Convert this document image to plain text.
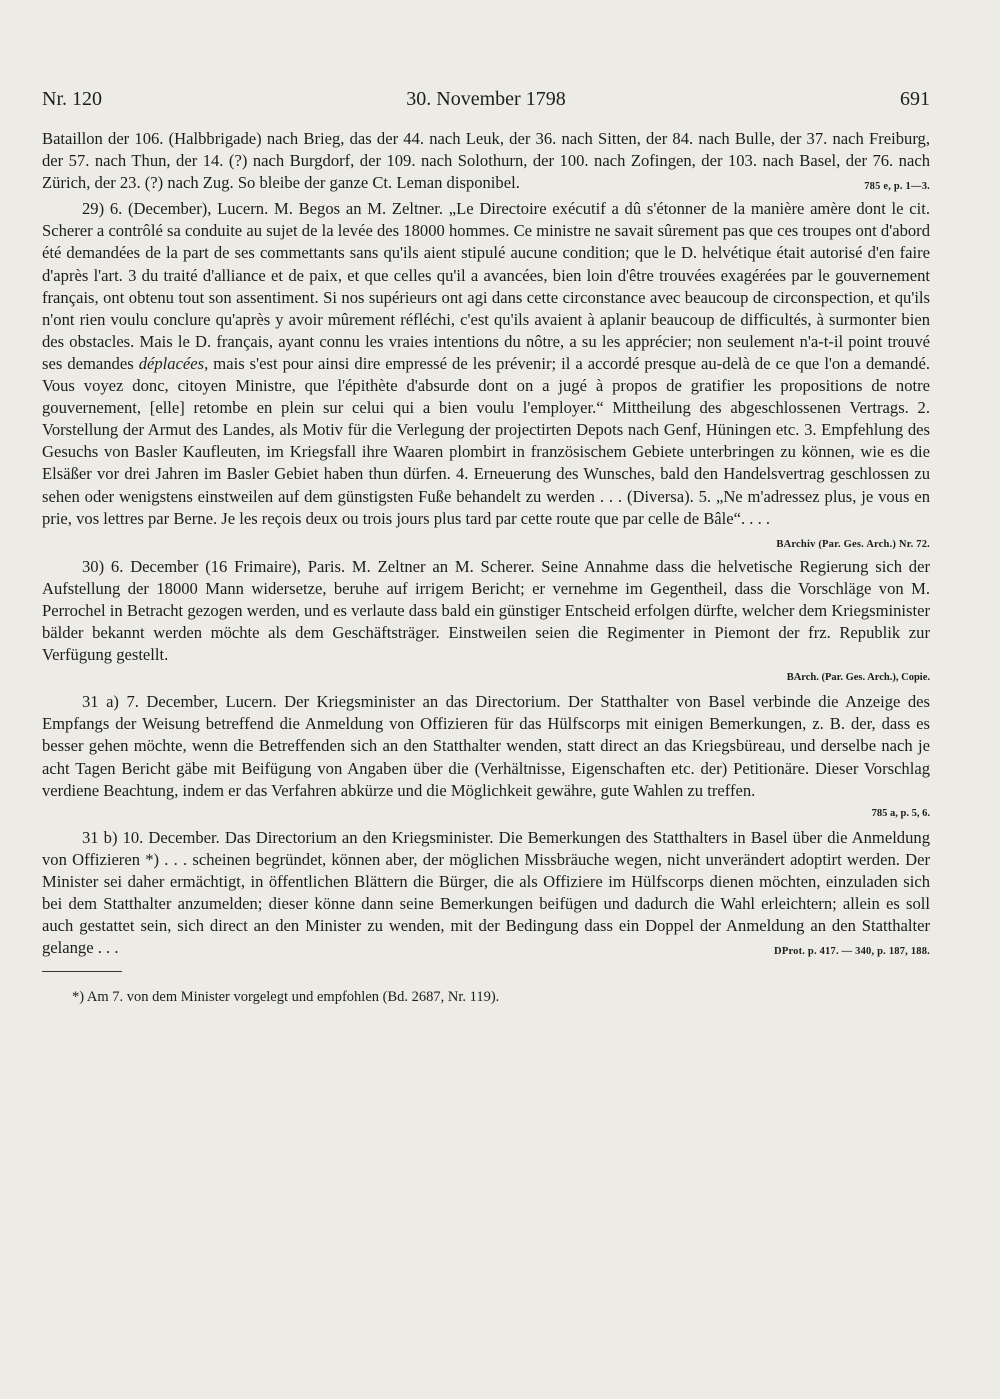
Nr. 120	30. November 1798	691

Bataillon der 106. (Halbbrigade) nach Brieg, das der 44. nach Leuk, der 36. nach Sitten, der 84. nach Bulle, der 37. nach Freiburg, der 57. nach Thun, der 14. (?) nach Burgdorf, der 109. nach Solothurn, der 100. nach Zofingen, der 103. nach Basel, der 76. nach Zürich, der 23. (?) nach Zug. So bleibe der ganze Ct. Leman disponibel.	785 e, p. 1—3.

29) 6. (December), Lucern. M. Begos an M. Zeltner. „Le Directoire exécutif a dû s'étonner de la manière amère dont le cit. Scherer a contrôlé sa conduite au sujet de la levée des 18000 hommes. Ce ministre ne savait sûrement pas que ces troupes ont d'abord été demandées de la part de ses commettants sans qu'ils aient stipulé aucune condition; que le D. helvétique était autorisé d'en faire d'après l'art. 3 du traité d'alliance et de paix, et que celles qu'il a avancées, bien loin d'être trouvées exagérées par le gouvernement français, ont obtenu tout son assentiment. Si nos supérieurs ont agi dans cette circonstance avec beaucoup de circonspection, et qu'ils n'ont rien voulu conclure qu'après y avoir mûrement réfléchi, c'est qu'ils avaient à aplanir beaucoup de difficultés, à surmonter bien des obstacles. Mais le D. français, ayant connu les vraies intentions du nôtre, a su les apprécier; non seulement n'a-t-il point trouvé ses demandes déplacées, mais s'est pour ainsi dire empressé de les prévenir; il a accordé presque au-delà de ce que l'on a demandé. Vous voyez donc, citoyen Ministre, que l'épithète d'absurde dont on a jugé à propos de gratifier les propositions de notre gouvernement, [elle] retombe en plein sur celui qui a bien voulu l'employer.“ Mittheilung des abgeschlossenen Vertrags. 2. Vorstellung der Armut des Landes, als Motiv für die Verlegung der projectirten Depots nach Genf, Hüningen etc. 3. Empfehlung des Gesuchs von Basler Kaufleuten, im Kriegsfall ihre Waaren plombirt in französischem Gebiete unterbringen zu können, wie es die Elsäßer vor drei Jahren im Basler Gebiet haben thun dürfen. 4. Erneuerung des Wunsches, bald den Handelsvertrag geschlossen zu sehen oder wenigstens einstweilen auf dem günstigsten Fuße behandelt zu werden . . . (Diversa). 5. „Ne m'adressez plus, je vous en prie, vos lettres par Berne. Je les reçois deux ou trois jours plus tard par cette route que par celle de Bâle“. . . .
BArchiv (Par. Ges. Arch.) Nr. 72.

30) 6. December (16 Frimaire), Paris. M. Zeltner an M. Scherer. Seine Annahme dass die helvetische Regierung sich der Aufstellung der 18000 Mann widersetze, beruhe auf irrigem Bericht; er vernehme im Gegentheil, dass die Vorschläge von M. Perrochel in Betracht gezogen werden, und es verlaute dass bald ein günstiger Entscheid erfolgen dürfte, welcher dem Kriegsminister bälder bekannt werden möchte als dem Geschäftsträger. Einstweilen seien die Regimenter in Piemont der frz. Republik zur Verfügung gestellt.

BArch. (Par. Ges. Arch.), Copie.

31 a) 7. December, Lucern. Der Kriegsminister an das Directorium. Der Statthalter von Basel verbinde die Anzeige des Empfangs der Weisung betreffend die Anmeldung von Offizieren für das Hülfscorps mit einigen Bemerkungen, z. B. der, dass es besser gehen möchte, wenn die Betreffenden sich an den Statthalter wenden, statt direct an das Kriegsbüreau, und derselbe nach je acht Tagen Bericht gäbe mit Beifügung von Angaben über die (Verhältnisse, Eigenschaften etc. der) Petitionäre. Dieser Vorschlag verdiene Beachtung, indem er das Verfahren abkürze und die Möglichkeit gewähre, gute Wahlen zu treffen.

785 a, p. 5, 6.

31 b) 10. December. Das Directorium an den Kriegsminister. Die Bemerkungen des Statthalters in Basel über die Anmeldung von Offizieren *) . . . scheinen begründet, können aber, der möglichen Missbräuche wegen, nicht unverändert adoptirt werden. Der Minister sei daher ermächtigt, in öffentlichen Blättern die Bürger, die als Offiziere im Hülfscorps dienen möchten, einzuladen sich bei dem Statthalter anzumelden; dieser könne dann seine Bemerkungen beifügen und dadurch die Wahl erleichtern; allein es soll auch gestattet sein, sich direct an den Minister zu wenden, mit der Bedingung dass ein Doppel der Anmeldung an den Statthalter gelange . . .	DProt. p. 417. — 340, p. 187, 188.

*) Am 7. von dem Minister vorgelegt und empfohlen (Bd. 2687, Nr. 119).
